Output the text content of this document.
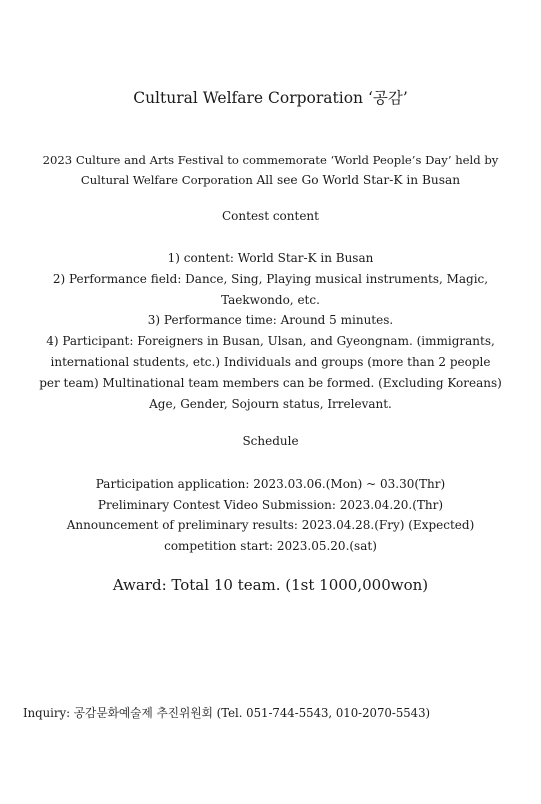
Cultural Welfare Corporation ‘공감’
2023 Culture and Arts Festival to commemorate ‘World People’s Day’ held by
Cultural Welfare Corporation All see Go World Star-K in Busan
Contest content
1) content: World Star-K in Busan
2) Performance field: Dance, Sing, Playing musical instruments, Magic,
Taekwondo, etc.
3) Performance time: Around 5 minutes.
4) Participant: Foreigners in Busan, Ulsan, and Gyeongnam. (immigrants,
international students, etc.) Individuals and groups (more than 2 people
per team) Multinational team members can be formed. (Excluding Koreans)
Age, Gender, Sojourn status, Irrelevant.
Schedule
Participation application: 2023.03.06.(Mon) ~ 03.30(Thr)
Preliminary Contest Video Submission: 2023.04.20.(Thr)
Announcement of preliminary results: 2023.04.28.(Fry) (Expected)
competition start: 2023.05.20.(sat)
Award: Total 10 team. (1st 1000,000won)
Inquiry: 공감문화예술제 추진위원회 (Tel. 051-744-5543, 010-2070-5543)
